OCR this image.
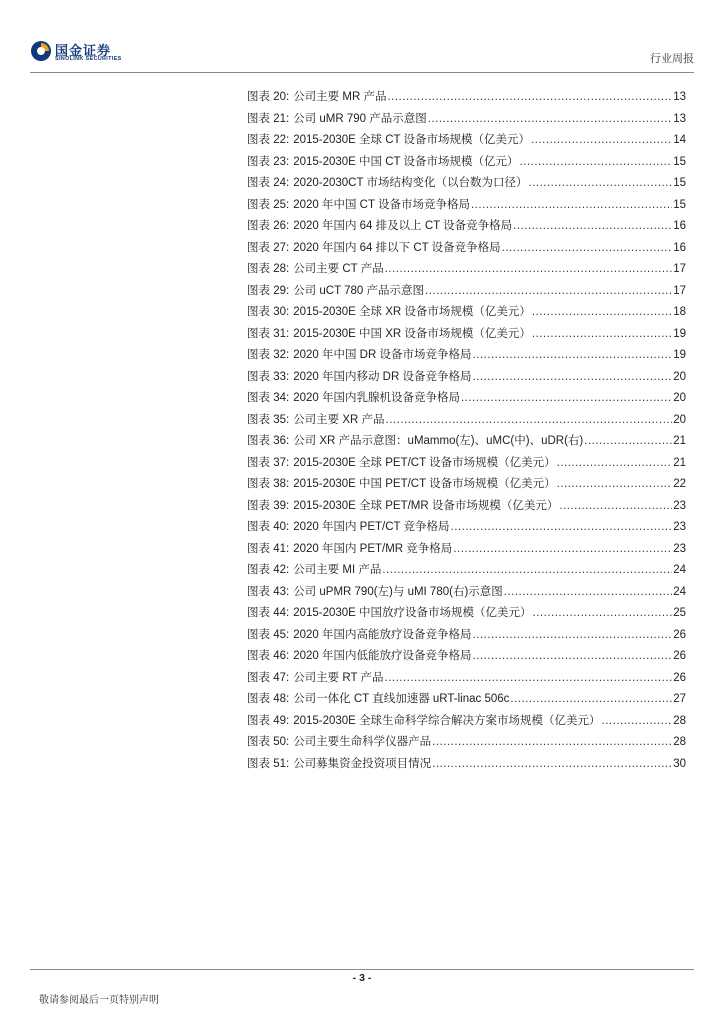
国金证券
SINOLINK SECURITIES	行业周报
图表 20: 公司主要 MR 产品 .....	13
图表 21: 公司 uMR 790 产品示意图 .....	13
图表 22: 2015-2030E 全球 CT 设备市场规模（亿美元） .....	14
图表 23: 2015-2030E 中国 CT 设备市场规模（亿元） .....	15
图表 24: 2020-2030CT 市场结构变化（以台数为口径） .....	15
图表 25: 2020 年中国 CT 设备市场竞争格局 .....	15
图表 26: 2020 年国内 64 排及以上 CT 设备竞争格局 .....	16
图表 27: 2020 年国内 64 排以下 CT 设备竞争格局 .....	16
图表 28: 公司主要 CT 产品 .....	17
图表 29: 公司 uCT 780 产品示意图 .....	17
图表 30: 2015-2030E 全球 XR 设备市场规模（亿美元） .....	18
图表 31: 2015-2030E 中国 XR 设备市场规模（亿美元） .....	19
图表 32: 2020 年中国 DR 设备市场竞争格局 .....	19
图表 33: 2020 年国内移动 DR 设备竞争格局 .....	20
图表 34: 2020 年国内乳腺机设备竞争格局 .....	20
图表 35: 公司主要 XR 产品 .....	20
图表 36: 公司 XR 产品示意图：uMammo(左)、uMC(中)、uDR(右) .....	21
图表 37: 2015-2030E 全球 PET/CT 设备市场规模（亿美元） .....	21
图表 38: 2015-2030E 中国 PET/CT 设备市场规模（亿美元） .....	22
图表 39: 2015-2030E 全球 PET/MR 设备市场规模（亿美元） .....	23
图表 40: 2020 年国内 PET/CT 竞争格局 .....	23
图表 41: 2020 年国内 PET/MR 竞争格局 .....	23
图表 42: 公司主要 MI 产品 .....	24
图表 43: 公司 uPMR 790(左)与 uMI 780(右)示意图 .....	24
图表 44: 2015-2030E 中国放疗设备市场规模（亿美元） .....	25
图表 45: 2020 年国内高能放疗设备竞争格局 .....	26
图表 46: 2020 年国内低能放疗设备竞争格局 .....	26
图表 47: 公司主要 RT 产品 .....	26
图表 48: 公司一体化 CT 直线加速器 uRT-linac 506c .....	27
图表 49: 2015-2030E 全球生命科学综合解决方案市场规模（亿美元） .....	28
图表 50: 公司主要生命科学仪器产品 .....	28
图表 51: 公司募集资金投资项目情况 .....	30
- 3 -
敬请参阅最后一页特别声明
